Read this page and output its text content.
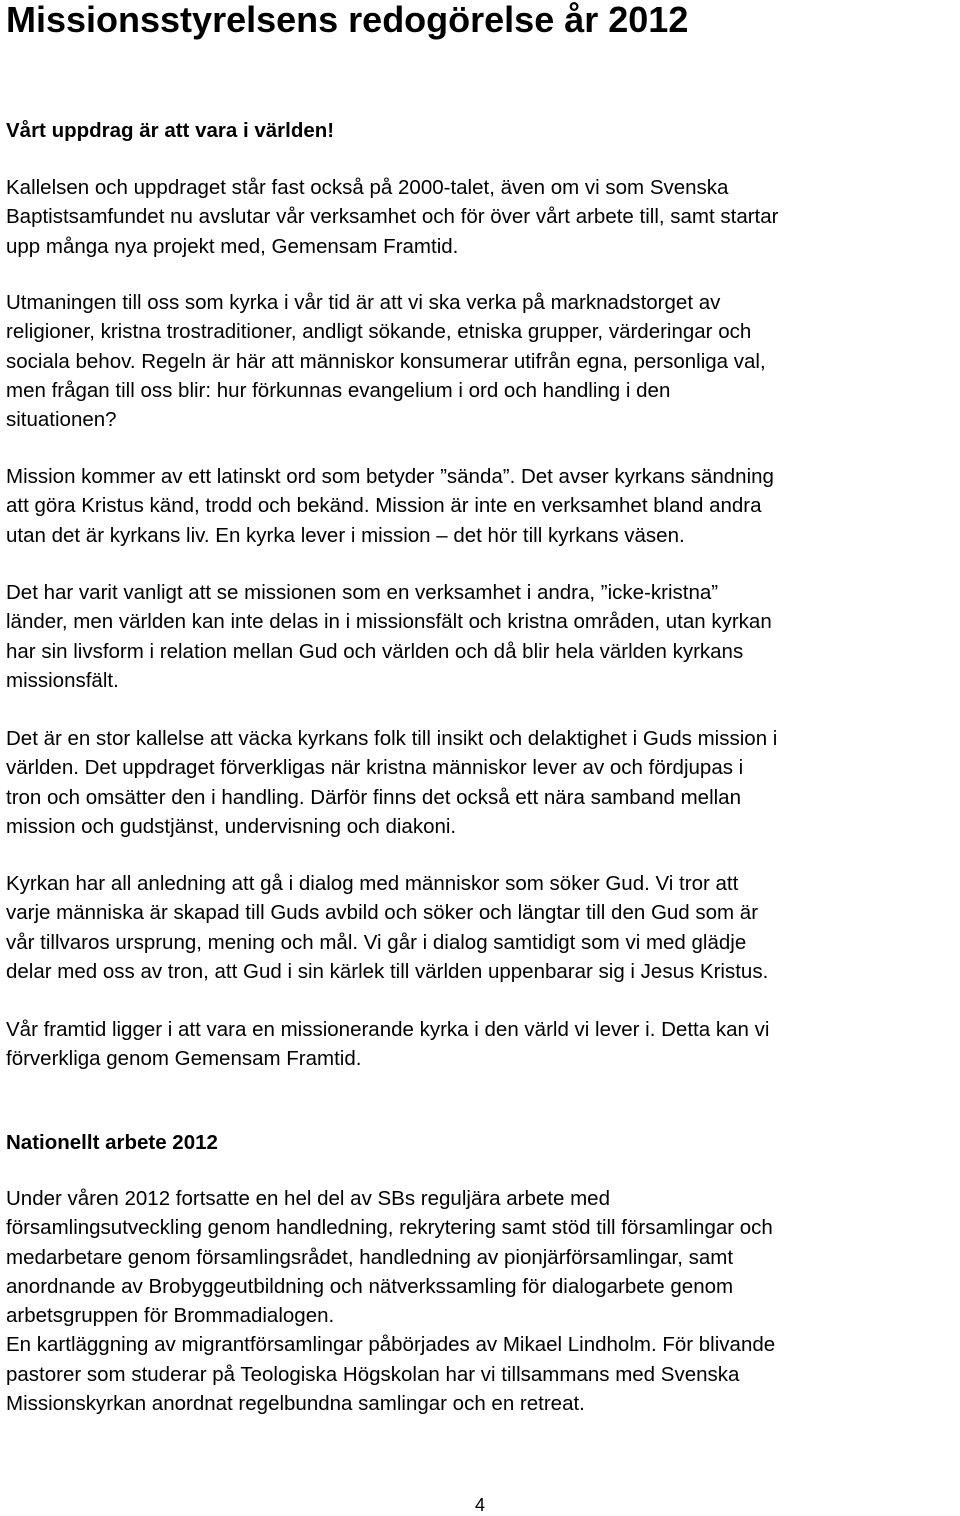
Missionsstyrelsens redogörelse år 2012
Vårt uppdrag är att vara i världen!

Kallelsen och uppdraget står fast också på 2000-talet, även om vi som Svenska
Baptistsamfundet nu avslutar vår verksamhet och för över vårt arbete till, samt startar
upp många nya projekt med, Gemensam Framtid.

Utmaningen till oss som kyrka i vår tid är att vi ska verka på marknadstorget av
religioner, kristna trostraditioner, andligt sökande, etniska grupper, värderingar och
sociala behov. Regeln är här att människor konsumerar utifrån egna, personliga val,
men frågan till oss blir: hur förkunnas evangelium i ord och handling i den
situationen?

Mission kommer av ett latinskt ord som betyder ”sända”. Det avser kyrkans sändning
att göra Kristus känd, trodd och bekänd. Mission är inte en verksamhet bland andra
utan det är kyrkans liv. En kyrka lever i mission – det hör till kyrkans väsen.

Det har varit vanligt att se missionen som en verksamhet i andra, ”icke-kristna”
länder, men världen kan inte delas in i missionsfält och kristna områden, utan kyrkan
har sin livsform i relation mellan Gud och världen och då blir hela världen kyrkans
missionsfält.

Det är en stor kallelse att väcka kyrkans folk till insikt och delaktighet i Guds mission i
världen. Det uppdraget förverkligas när kristna människor lever av och fördjupas i
tron och omsätter den i handling. Därför finns det också ett nära samband mellan
mission och gudstjänst, undervisning och diakoni.

Kyrkan har all anledning att gå i dialog med människor som söker Gud. Vi tror att
varje människa är skapad till Guds avbild och söker och längtar till den Gud som är
vår tillvaros ursprung, mening och mål. Vi går i dialog samtidigt som vi med glädje
delar med oss av tron, att Gud i sin kärlek till världen uppenbarar sig i Jesus Kristus.

Vår framtid ligger i att vara en missionerande kyrka i den värld vi lever i. Detta kan vi
förverkliga genom Gemensam Framtid.

Nationellt arbete 2012

Under våren 2012 fortsatte en hel del av SBs reguljära arbete med
församlingsutveckling genom handledning, rekrytering samt stöd till församlingar och
medarbetare genom församlingsrådet, handledning av pionjärförsamlingar, samt
anordnande av Brobyggeutbildning och nätverkssamling för dialogarbete genom
arbetsgruppen för Brommadialogen.
En kartläggning av migrantförsamlingar påbörjades av Mikael Lindholm. För blivande
pastorer som studerar på Teologiska Högskolan har vi tillsammans med Svenska
Missionskyrkan anordnat regelbundna samlingar och en retreat.

4
